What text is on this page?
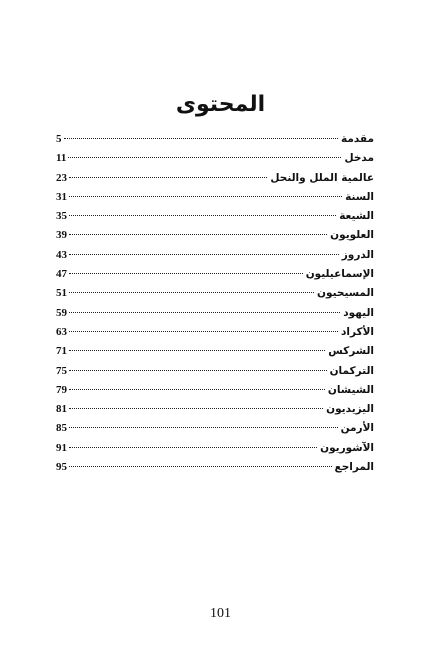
المحتوى
مقدمة
5
مدخل
11
عالمية الملل والنحل
23
السنة
31
الشيعة
35
العلويون
39
الدروز
43
الإسماعيليون
47
المسيحيون
51
اليهود
59
الأكراد
63
الشركس
71
التركمان
75
الشيشان
79
اليزيديون
81
الأرمن
85
الآشوريون
91
المراجع
95
101
